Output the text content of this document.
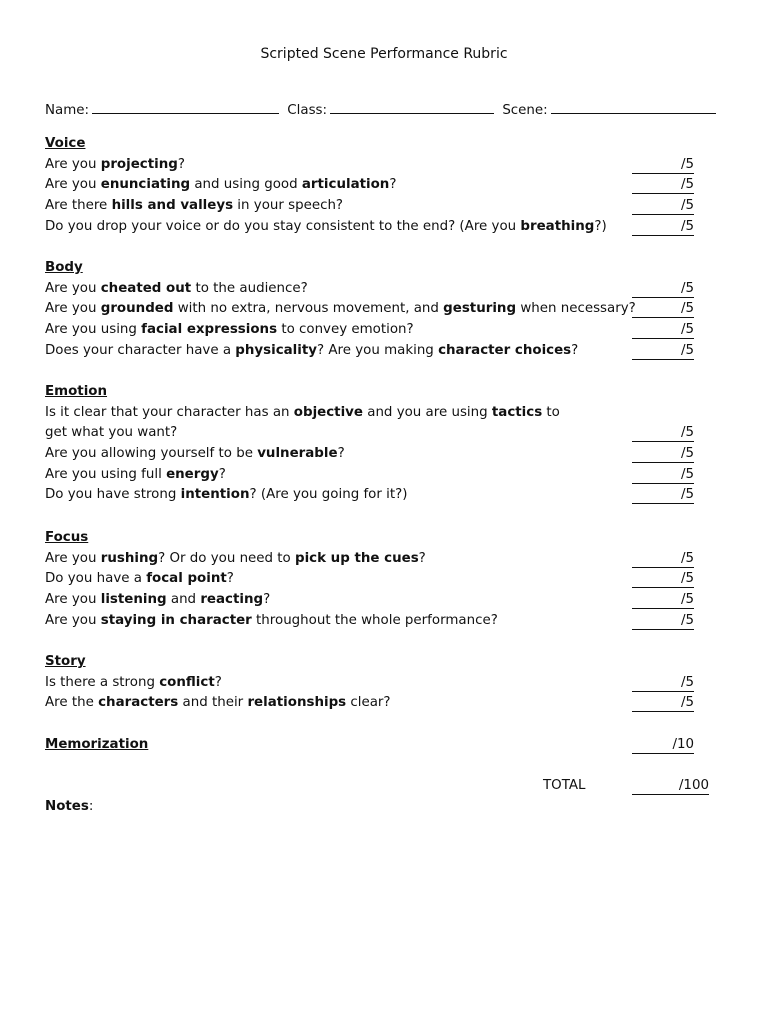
Scripted Scene Performance Rubric
Name:	Class:	Scene:
Voice
Are you projecting?	/5
Are you enunciating and using good articulation?	/5
Are there hills and valleys in your speech?	/5
Do you drop your voice or do you stay consistent to the end? (Are you breathing?)	/5
Body
Are you cheated out to the audience?	/5
Are you grounded with no extra, nervous movement, and gesturing when necessary?	/5
Are you using facial expressions to convey emotion?	/5
Does your character have a physicality? Are you making character choices?	/5
Emotion
Is it clear that your character has an objective and you are using tactics to
get what you want?	/5
Are you allowing yourself to be vulnerable?	/5
Are you using full energy?	/5
Do you have strong intention? (Are you going for it?)	/5
Focus
Are you rushing? Or do you need to pick up the cues?	/5
Do you have a focal point?	/5
Are you listening and reacting?	/5
Are you staying in character throughout the whole performance?	/5
Story
Is there a strong conflict?	/5
Are the characters and their relationships clear?	/5
Memorization	/10
TOTAL	/100
Notes:
